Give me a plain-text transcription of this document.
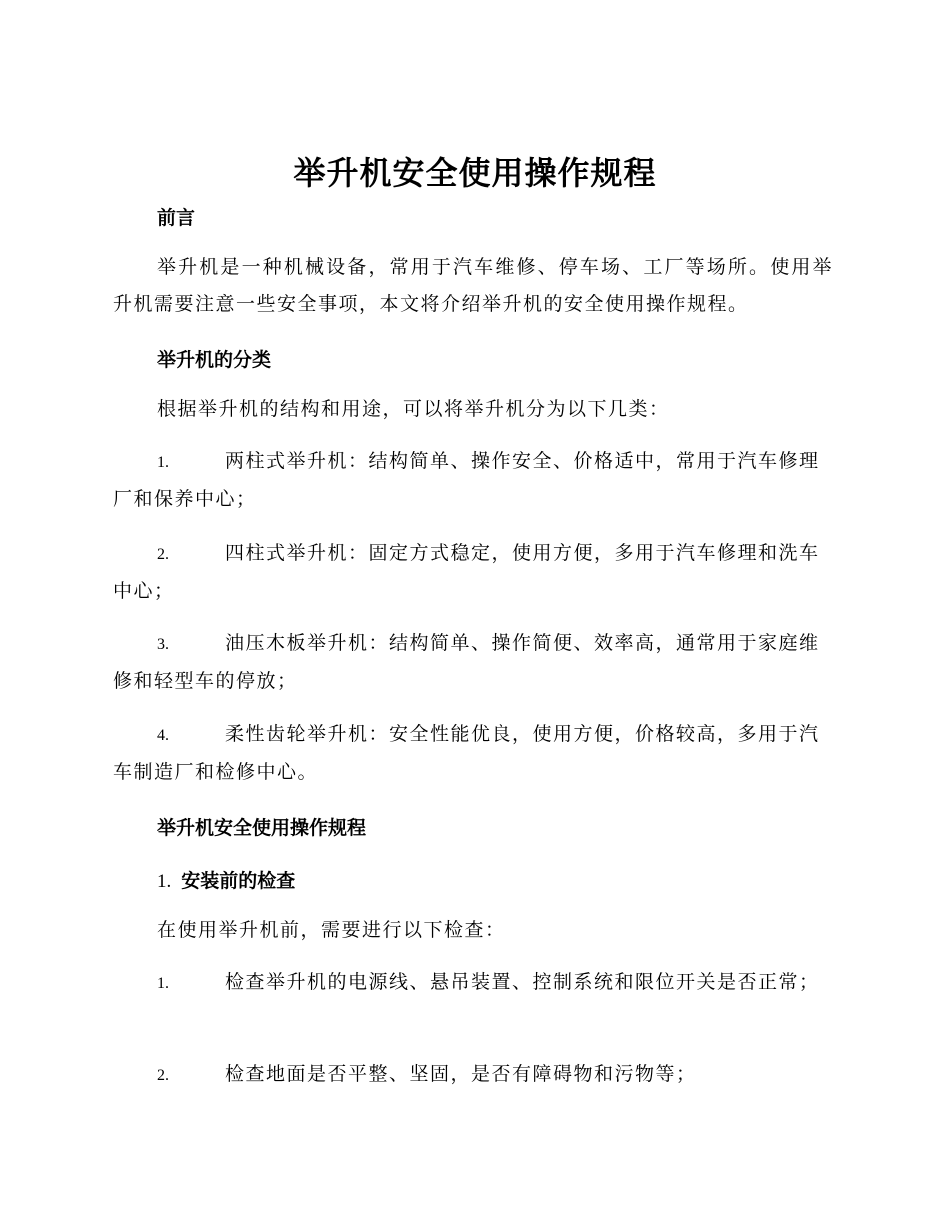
举升机安全使用操作规程

前言

举升机是一种机械设备，常用于汽车维修、停车场、工厂等场所。使用举升机需要注意一些安全事项，本文将介绍举升机的安全使用操作规程。

举升机的分类

根据举升机的结构和用途，可以将举升机分为以下几类：

1.	两柱式举升机：结构简单、操作安全、价格适中，常用于汽车修理厂和保养中心；

2.	四柱式举升机：固定方式稳定，使用方便，多用于汽车修理和洗车中心；

3.	油压木板举升机：结构简单、操作简便、效率高，通常用于家庭维修和轻型车的停放；

4.	柔性齿轮举升机：安全性能优良，使用方便，价格较高，多用于汽车制造厂和检修中心。

举升机安全使用操作规程

1. 安装前的检查

在使用举升机前，需要进行以下检查：

1.	检查举升机的电源线、悬吊装置、控制系统和限位开关是否正常；

2.	检查地面是否平整、坚固，是否有障碍物和污物等；
